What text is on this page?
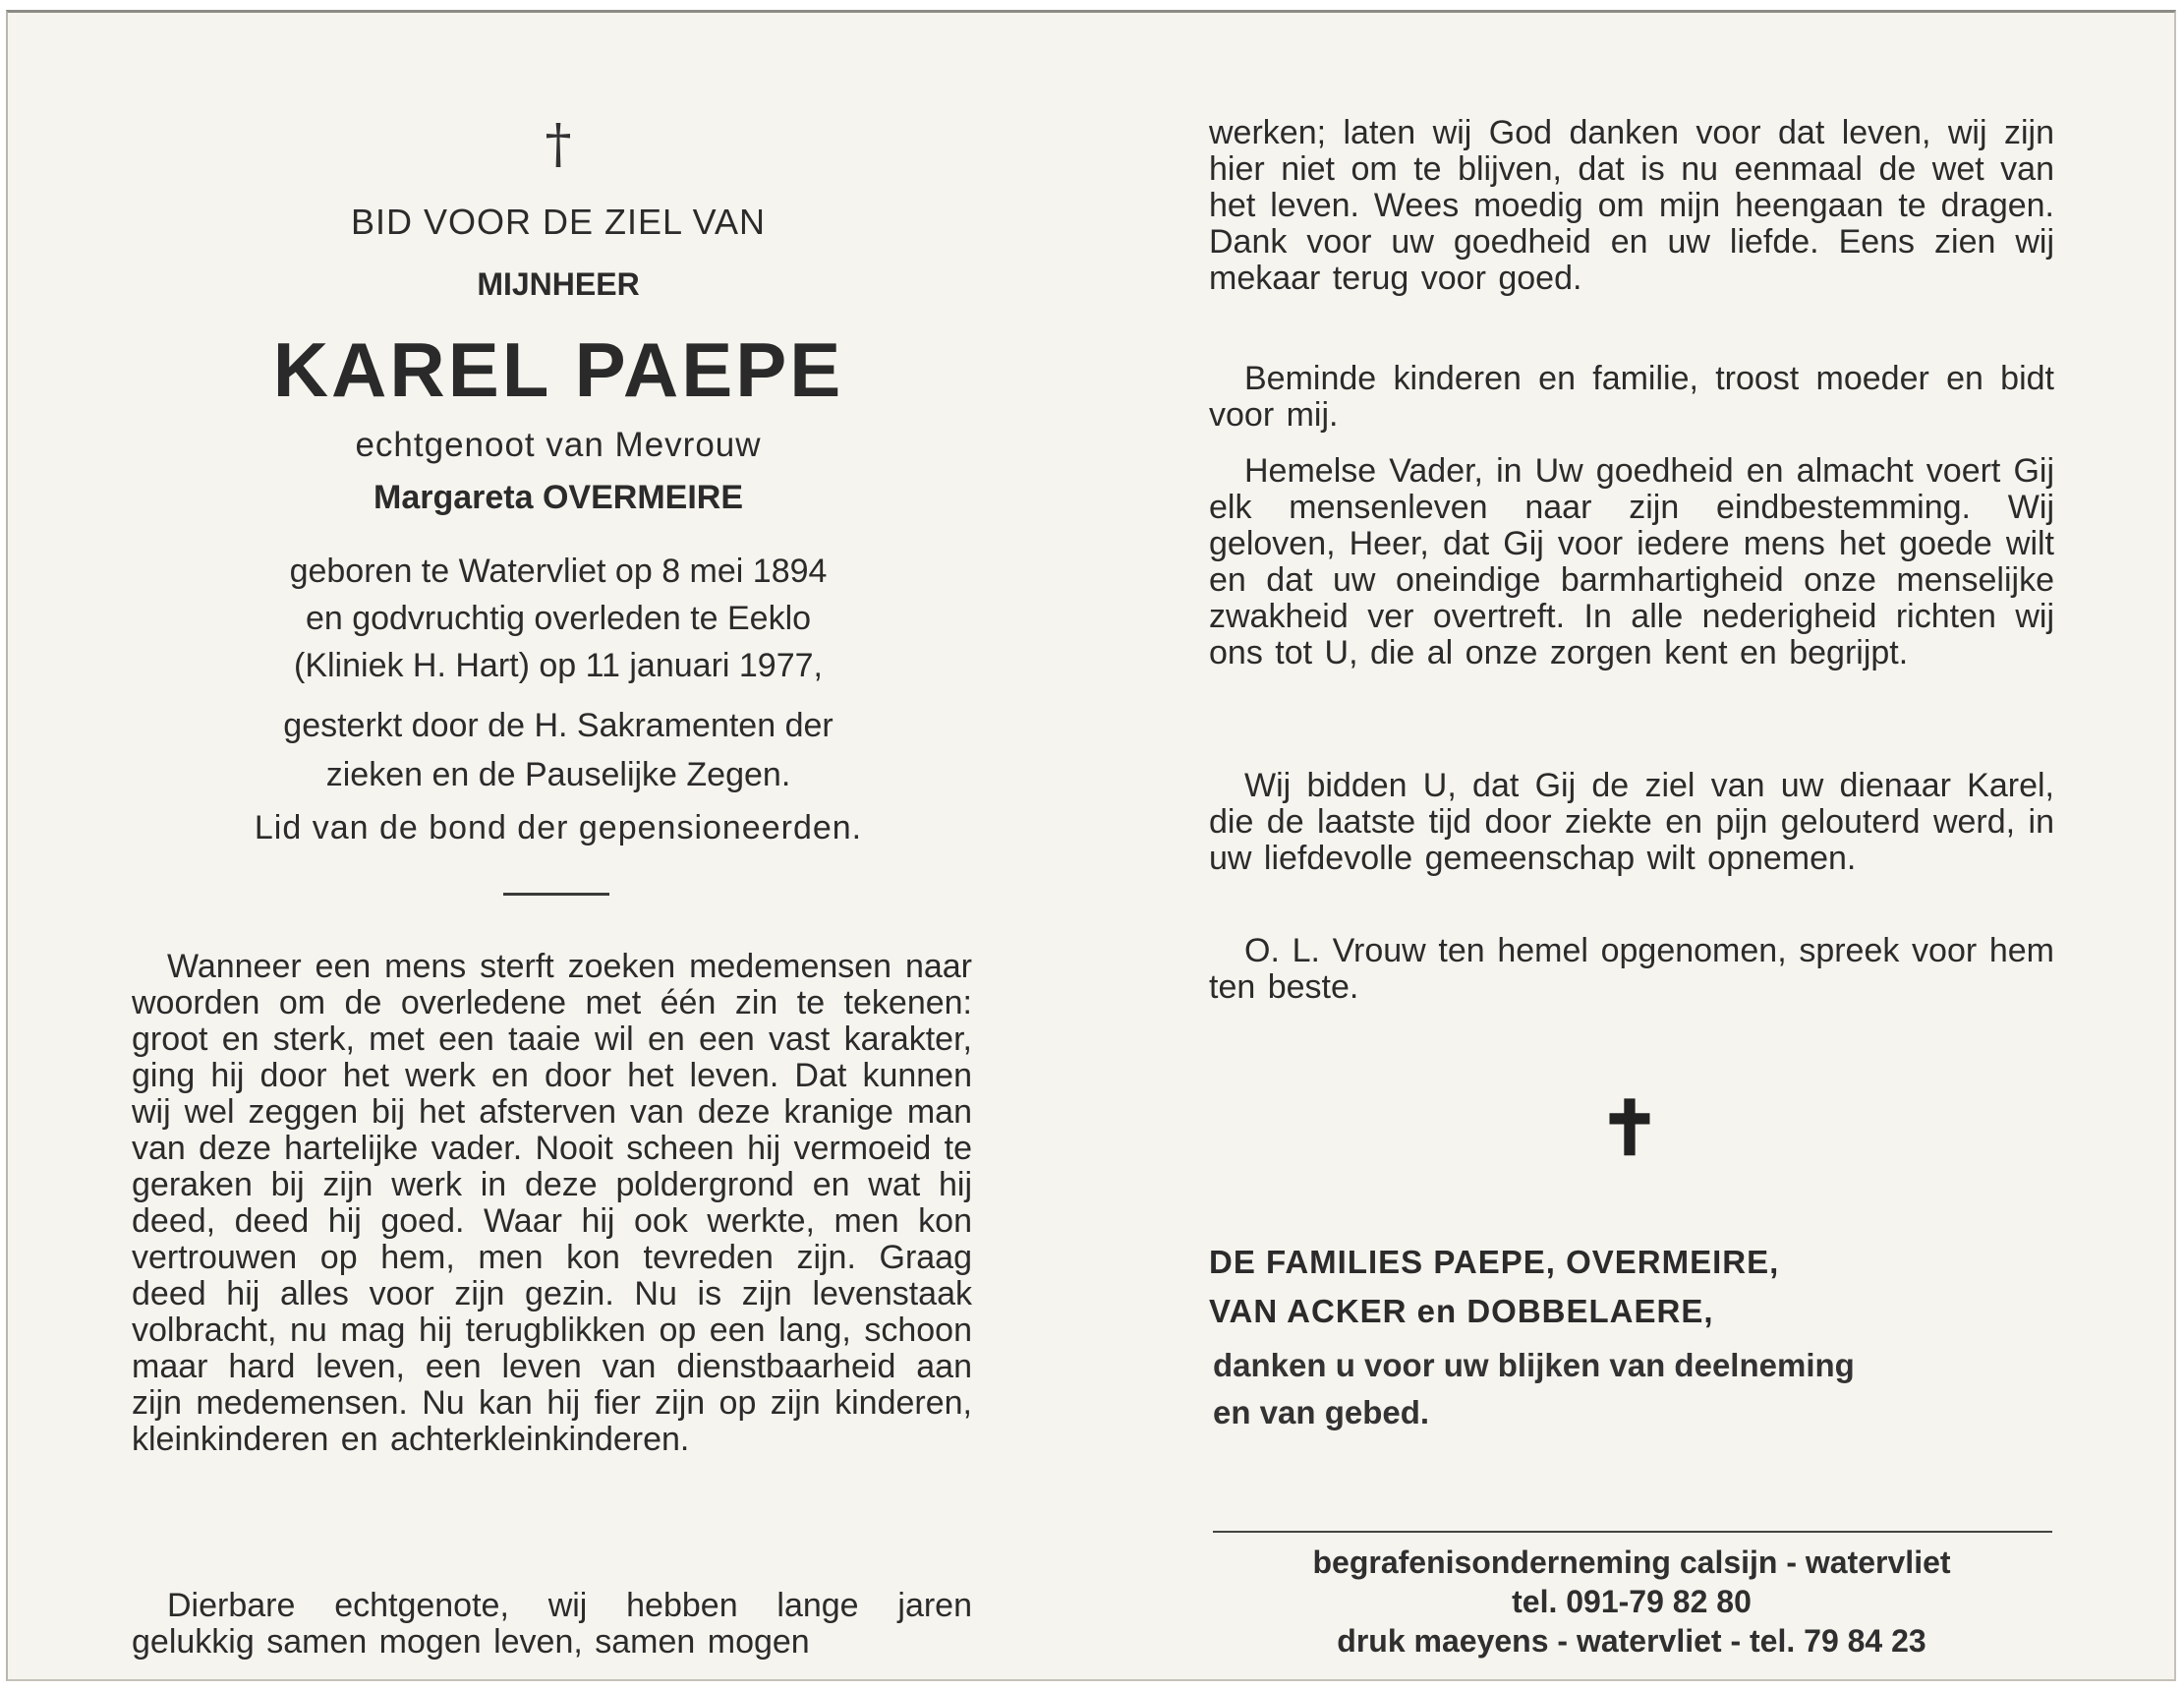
†
BID VOOR DE ZIEL VAN
MIJNHEER
KAREL PAEPE
echtgenoot van Mevrouw
Margareta OVERMEIRE
geboren te Watervliet op 8 mei 1894
en godvruchtig overleden te Eeklo
(Kliniek H. Hart) op 11 januari 1977,
gesterkt door de H. Sakramenten der
zieken en de Pauselijke Zegen.
Lid van de bond der gepensioneerden.
Wanneer een mens sterft zoeken medemensen naar woorden om de overledene met één zin te tekenen: groot en sterk, met een taaie wil en een vast karakter, ging hij door het werk en door het leven. Dat kunnen wij wel zeggen bij het afsterven van deze kranige man van deze hartelijke vader. Nooit scheen hij vermoeid te geraken bij zijn werk in deze poldergrond en wat hij deed, deed hij goed. Waar hij ook werkte, men kon vertrouwen op hem, men kon tevreden zijn. Graag deed hij alles voor zijn gezin. Nu is zijn levenstaak volbracht, nu mag hij terugblikken op een lang, schoon maar hard leven, een leven van dienstbaarheid aan zijn medemensen. Nu kan hij fier zijn op zijn kinderen, kleinkinderen en achterkleinkinderen.
Dierbare echtgenote, wij hebben lange jaren gelukkig samen mogen leven, samen mogen
werken; laten wij God danken voor dat leven, wij zijn hier niet om te blijven, dat is nu eenmaal de wet van het leven. Wees moedig om mijn heengaan te dragen. Dank voor uw goedheid en uw liefde. Eens zien wij mekaar terug voor goed.
Beminde kinderen en familie, troost moeder en bidt voor mij.
Hemelse Vader, in Uw goedheid en almacht voert Gij elk mensenleven naar zijn eindbestemming. Wij geloven, Heer, dat Gij voor iedere mens het goede wilt en dat uw oneindige barmhartigheid onze menselijke zwakheid ver overtreft. In alle nederigheid richten wij ons tot U, die al onze zorgen kent en begrijpt.
Wij bidden U, dat Gij de ziel van uw dienaar Karel, die de laatste tijd door ziekte en pijn gelouterd werd, in uw liefdevolle gemeenschap wilt opnemen.
O. L. Vrouw ten hemel opgenomen, spreek voor hem ten beste.
✝
DE FAMILIES PAEPE, OVERMEIRE,
VAN ACKER en DOBBELAERE,
danken u voor uw blijken van deelneming
en van gebed.
begrafenisonderneming calsijn - watervliet
tel. 091-79 82 80
druk maeyens - watervliet - tel. 79 84 23
